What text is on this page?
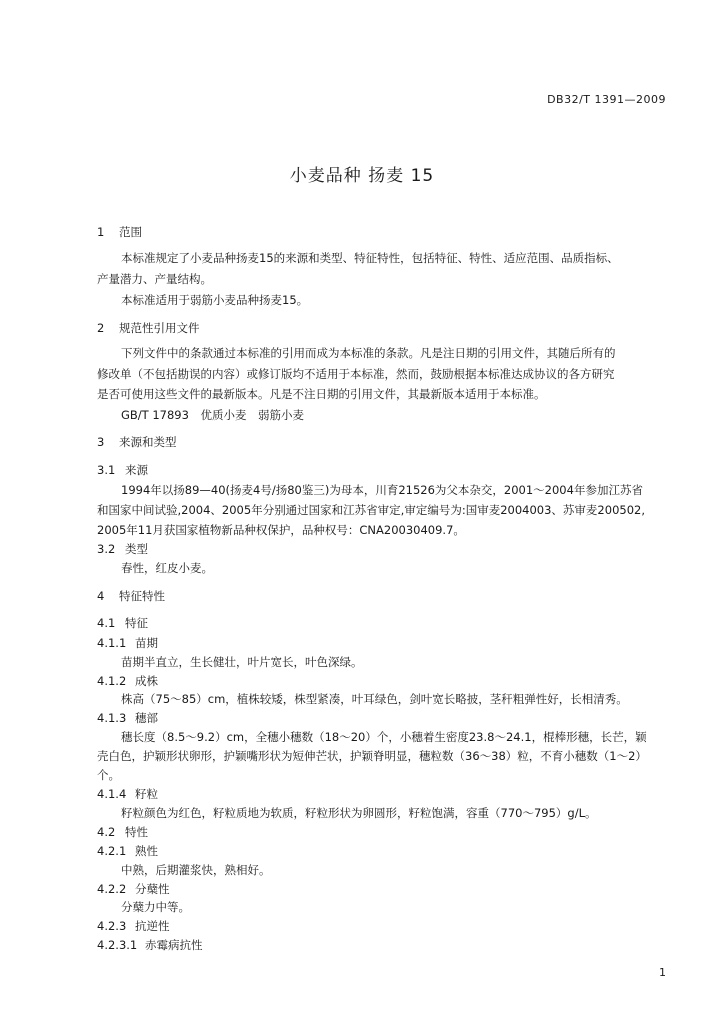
DB32/T 1391—2009
小麦品种 扬麦 15
1 范围
本标准规定了小麦品种扬麦15的来源和类型、特征特性，包括特征、特性、适应范围、品质指标、
产量潜力、产量结构。
本标准适用于弱筋小麦品种扬麦15。
2 规范性引用文件
下列文件中的条款通过本标准的引用而成为本标准的条款。凡是注日期的引用文件，其随后所有的
修改单（不包括勘误的内容）或修订版均不适用于本标准，然而，鼓励根据本标准达成协议的各方研究
是否可使用这些文件的最新版本。凡是不注日期的引用文件，其最新版本适用于本标准。
GB/T 17893　优质小麦　弱筋小麦
3 来源和类型
3.1 来源
1994年以扬89—40(扬麦4号/扬80鉴三)为母本，川育21526为父本杂交，2001～2004年参加江苏省
和国家中间试验,2004、2005年分别通过国家和江苏省审定,审定编号为:国审麦2004003、苏审麦200502,
2005年11月获国家植物新品种权保护，品种权号：CNA20030409.7。
3.2 类型
春性，红皮小麦。
4 特征特性
4.1 特征
4.1.1 苗期
苗期半直立，生长健壮，叶片宽长，叶色深绿。
4.1.2 成株
株高（75～85）cm，植株较矮，株型紧凑，叶耳绿色，剑叶宽长略披，茎秆粗弹性好，长相清秀。
4.1.3 穗部
穗长度（8.5～9.2）cm，全穗小穗数（18～20）个，小穗着生密度23.8～24.1，棍棒形穗，长芒，颖
壳白色，护颖形状卵形，护颖嘴形状为短伸芒状，护颖脊明显，穗粒数（36～38）粒，不育小穗数（1～2）
个。
4.1.4 籽粒
籽粒颜色为红色，籽粒质地为软质，籽粒形状为卵圆形，籽粒饱满，容重（770～795）g/L。
4.2 特性
4.2.1 熟性
中熟，后期灌浆快，熟相好。
4.2.2 分蘖性
分蘖力中等。
4.2.3 抗逆性
4.2.3.1 赤霉病抗性
1
